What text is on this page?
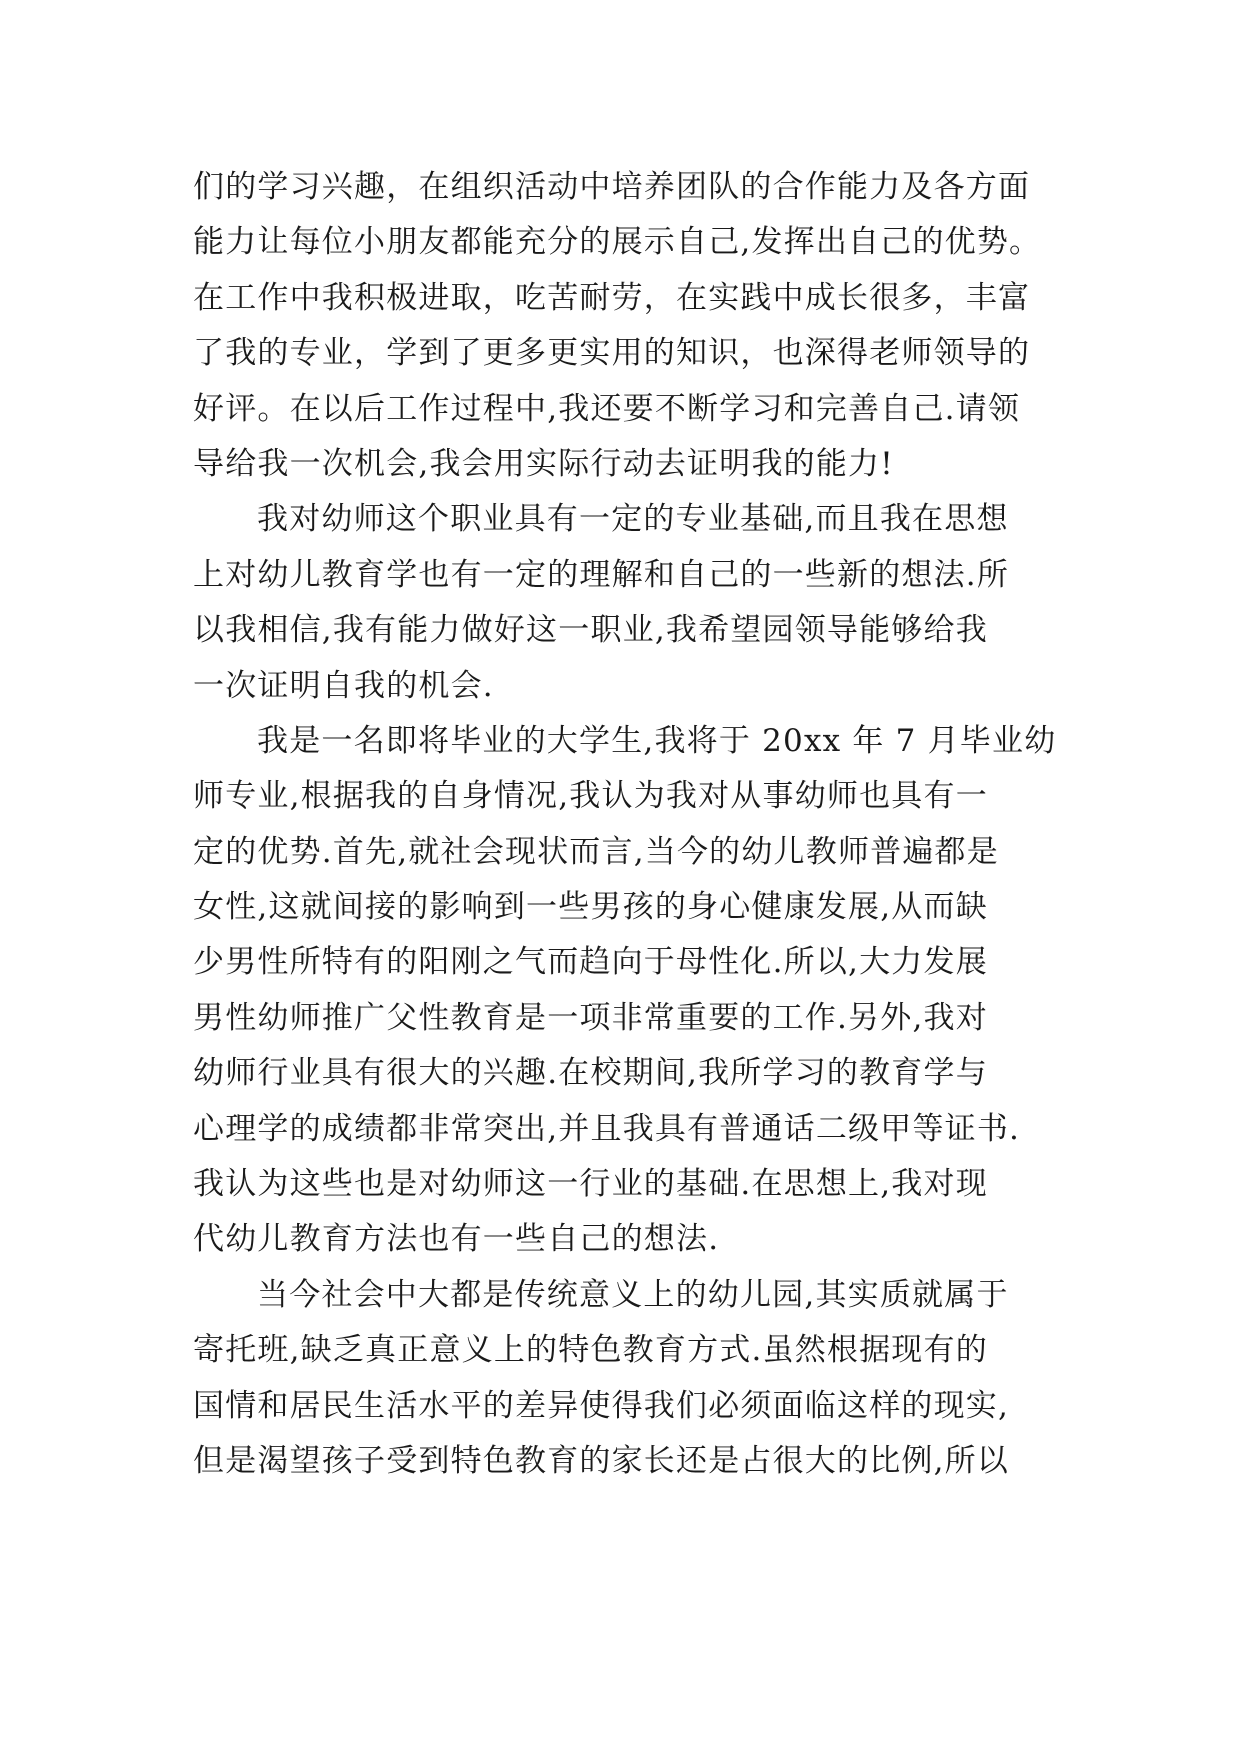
们的学习兴趣，在组织活动中培养团队的合作能力及各方面
能力让每位小朋友都能充分的展示自己,发挥出自己的优势。
在工作中我积极进取，吃苦耐劳，在实践中成长很多，丰富
了我的专业，学到了更多更实用的知识，也深得老师领导的
好评。在以后工作过程中,我还要不断学习和完善自己.请领
导给我一次机会,我会用实际行动去证明我的能力!
我对幼师这个职业具有一定的专业基础,而且我在思想
上对幼儿教育学也有一定的理解和自己的一些新的想法.所
以我相信,我有能力做好这一职业,我希望园领导能够给我
一次证明自我的机会.
我是一名即将毕业的大学生,我将于 20xx 年 7 月毕业幼
师专业,根据我的自身情况,我认为我对从事幼师也具有一
定的优势.首先,就社会现状而言,当今的幼儿教师普遍都是
女性,这就间接的影响到一些男孩的身心健康发展,从而缺
少男性所特有的阳刚之气而趋向于母性化.所以,大力发展
男性幼师推广父性教育是一项非常重要的工作.另外,我对
幼师行业具有很大的兴趣.在校期间,我所学习的教育学与
心理学的成绩都非常突出,并且我具有普通话二级甲等证书.
我认为这些也是对幼师这一行业的基础.在思想上,我对现
代幼儿教育方法也有一些自己的想法.
当今社会中大都是传统意义上的幼儿园,其实质就属于
寄托班,缺乏真正意义上的特色教育方式.虽然根据现有的
国情和居民生活水平的差异使得我们必须面临这样的现实,
但是渴望孩子受到特色教育的家长还是占很大的比例,所以
